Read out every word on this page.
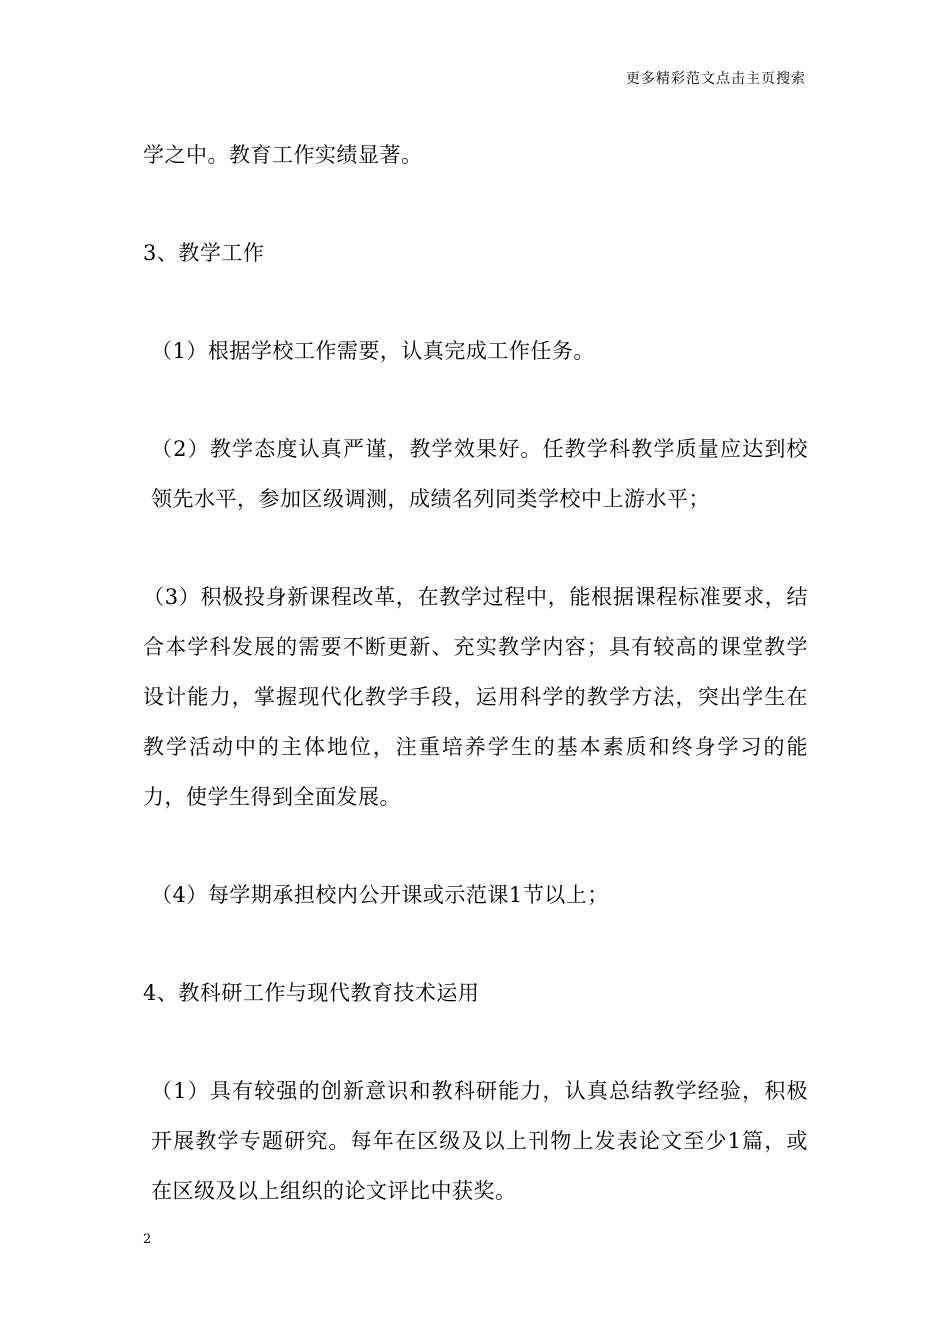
更多精彩范文点击主页搜索

学之中。教育工作实绩显著。

3、教学工作

（1）根据学校工作需要，认真完成工作任务。

（2）教学态度认真严谨，教学效果好。任教学科教学质量应达到校领先水平，参加区级调测，成绩名列同类学校中上游水平；

（3）积极投身新课程改革，在教学过程中，能根据课程标准要求，结合本学科发展的需要不断更新、充实教学内容；具有较高的课堂教学设计能力，掌握现代化教学手段，运用科学的教学方法，突出学生在教学活动中的主体地位，注重培养学生的基本素质和终身学习的能力，使学生得到全面发展。

（4）每学期承担校内公开课或示范课1节以上；

4、教科研工作与现代教育技术运用

（1）具有较强的创新意识和教科研能力，认真总结教学经验，积极开展教学专题研究。每年在区级及以上刊物上发表论文至少1篇，或在区级及以上组织的论文评比中获奖。

2
